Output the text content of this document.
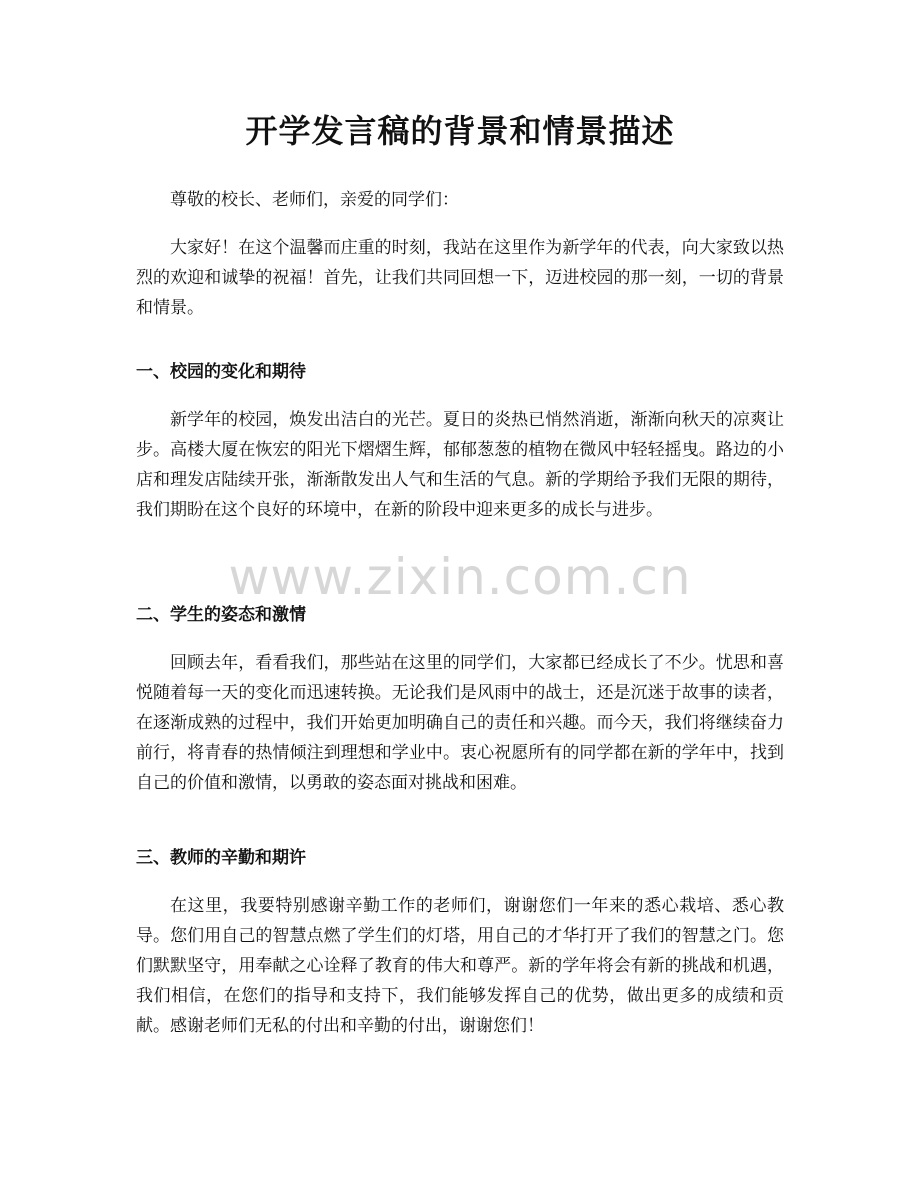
开学发言稿的背景和情景描述

尊敬的校长、老师们，亲爱的同学们：

大家好！在这个温馨而庄重的时刻，我站在这里作为新学年的代表，向大家致以热烈的欢迎和诚挚的祝福！首先，让我们共同回想一下，迈进校园的那一刻，一切的背景和情景。

一、校园的变化和期待

新学年的校园，焕发出洁白的光芒。夏日的炎热已悄然消逝，渐渐向秋天的凉爽让步。高楼大厦在恢宏的阳光下熠熠生辉，郁郁葱葱的植物在微风中轻轻摇曳。路边的小店和理发店陆续开张，渐渐散发出人气和生活的气息。新的学期给予我们无限的期待，我们期盼在这个良好的环境中，在新的阶段中迎来更多的成长与进步。

二、学生的姿态和激情

回顾去年，看看我们，那些站在这里的同学们，大家都已经成长了不少。忧思和喜悦随着每一天的变化而迅速转换。无论我们是风雨中的战士，还是沉迷于故事的读者，在逐渐成熟的过程中，我们开始更加明确自己的责任和兴趣。而今天，我们将继续奋力前行，将青春的热情倾注到理想和学业中。衷心祝愿所有的同学都在新的学年中，找到自己的价值和激情，以勇敢的姿态面对挑战和困难。

三、教师的辛勤和期许

在这里，我要特别感谢辛勤工作的老师们，谢谢您们一年来的悉心栽培、悉心教导。您们用自己的智慧点燃了学生们的灯塔，用自己的才华打开了我们的智慧之门。您们默默坚守，用奉献之心诠释了教育的伟大和尊严。新的学年将会有新的挑战和机遇，我们相信，在您们的指导和支持下，我们能够发挥自己的优势，做出更多的成绩和贡献。感谢老师们无私的付出和辛勤的付出，谢谢您们！

www.zixin.com.cn
